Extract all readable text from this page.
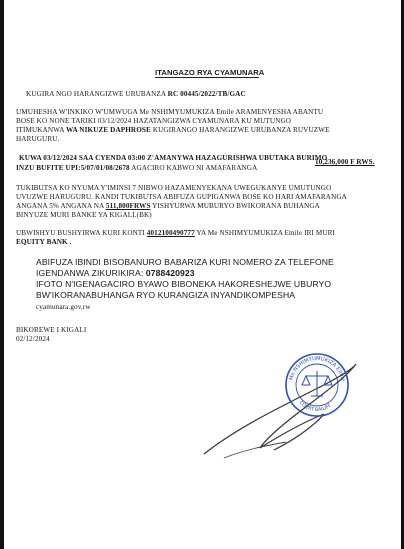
ITANGAZO RYA CYAMUNARA
KUGIRA NGO HARANGIZWE URUBANZA RC 00445/2022/TB/GAC
UMUHESHA W'INKIKO W'UMWUGA Me NSHIMYUMUKIZA Emile ARAMENYESHA ABANTU
BOSE KO NONE TARIKI 03/12/2024 HAZATANGIZWA CYAMUNARA KU MUTUNGO
ITIMUKANWA WA NIKUZE DAPHROSE KUGIRANGO HARANGIZWE URUBANZA RUVUZWE
HARUGURU.
KUWA 03/12/2024 SAA CYENDA 03:00 Z'AMANYWA HAZAGURISHWA UBUTAKA BURIMO
10,236,000 F RWS.
INZU BUFITE UPI:5/07/01/08/2678 AGACIRO KABWO NI AMAFARANGA
TUKIBUTSA KO NYUMA Y'IMINSI 7 NIBWO HAZAMENYEKANA UWEGUKANYE UMUTUNGO
UVUZWE HARUGURU. KANDI TUKIBUTSA ABIFUZA GUPIGANWA BOSE KO HARI AMAFARANGA
ANGANA 5% ANGANA NA 511,800FRWS YISHYURWA MUBURYO BWIKORANA BUHANGA
BINYUZE MURI BANKE YA KIGALI.(BK)
UBWISHYU BUSHYIRWA KURI KONTI 4012100490777 YA Me NSHIMYUMUKIZA Emile IRI MURI
EQUITY BANK .
ABIFUZA IBINDI BISOBANURO BABARIZA KURI NOMERO ZA TELEFONE
IGENDANWA ZIKURIKIRA: 0788420923
IFOTO N'IGENAGACIRO BYAWO BIBONEKA HAKORESHEJWE UBURYO
BW'IKORANABUHANGA RYO KURANGIZA INYANDIKOMPESHA
cyamunara.gov.rw
BIKOREWE I KIGALI
02/12/2024
Me NSHIMYUMUKIZA Emile
COURT BAILIFF
